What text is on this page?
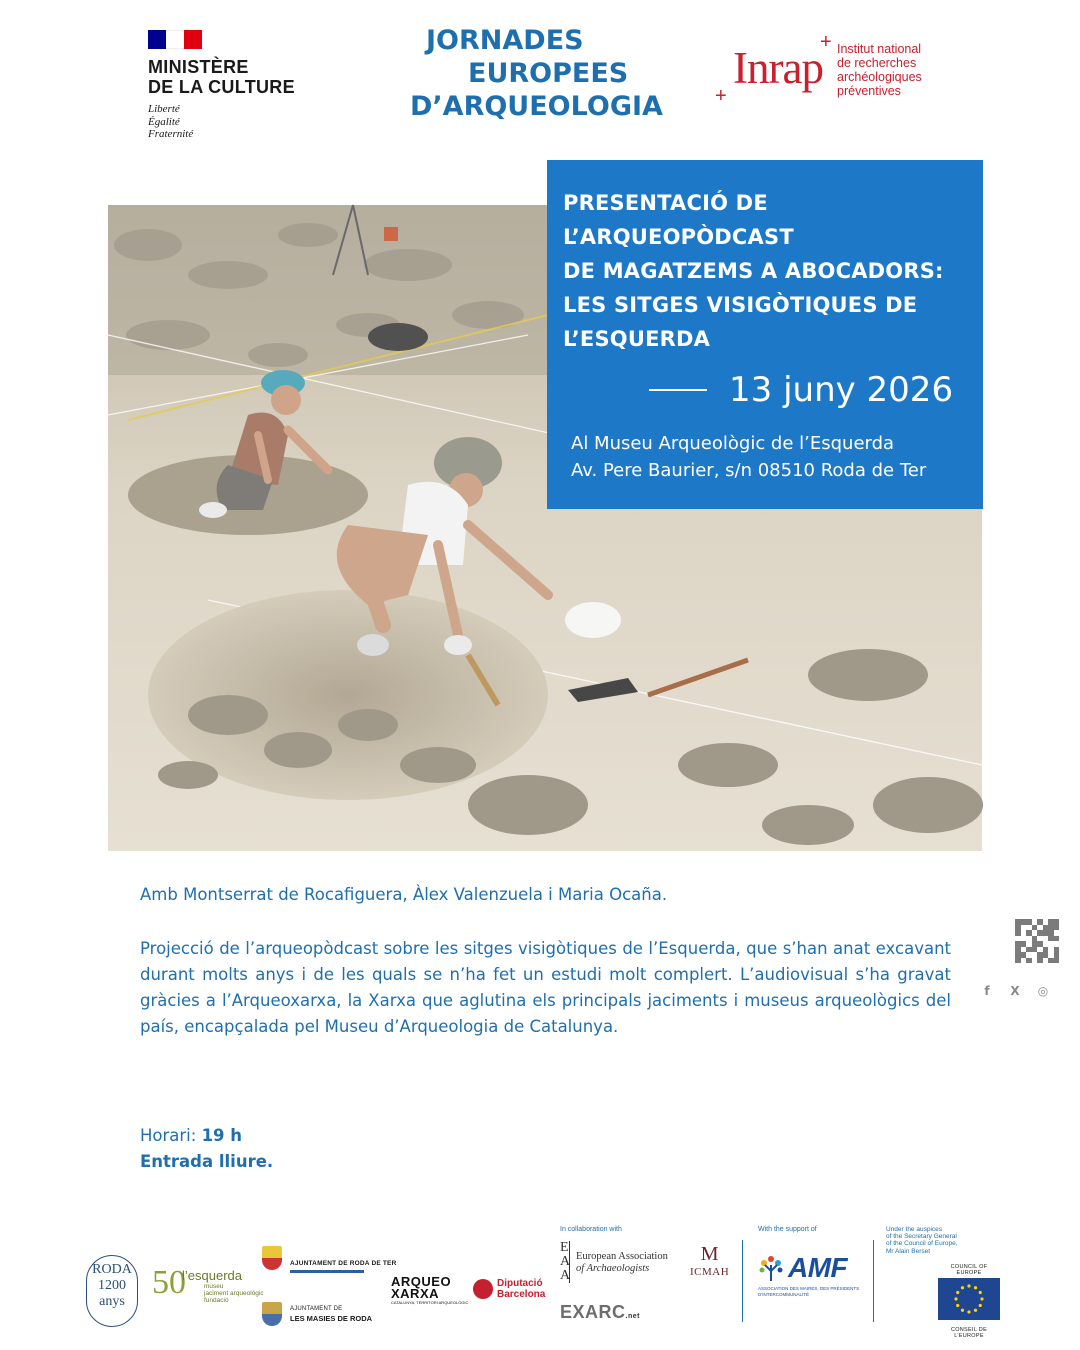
MINISTÈRE
DE LA CULTURE
Liberté
Égalité
Fraternité
JORNADES
EUROPEES
D’ARQUEOLOGIA
+
+
Inrap Institut national
de recherches
archéologiques
préventives
f	X	◎
#EADays
PRESENTACIÓ DE
L’ARQUEOPÒDCAST
DE MAGATZEMS A ABOCADORS:
LES SITGES VISIGÒTIQUES DE
L’ESQUERDA
13 juny 2026
Al Museu Arqueològic de l’Esquerda
Av. Pere Baurier, s/n 08510 Roda de Ter
Amb Montserrat de Rocafiguera, Àlex Valenzuela i Maria Ocaña.
Projecció de l’arqueopòdcast sobre les sitges visigòtiques de l’Esquerda, que s’han anat excavant durant molts anys i de les quals se n’ha fet un estudi molt complert. L’audiovisual s’ha gravat gràcies a l’Arqueoxarxa, la Xarxa que aglutina els principals jaciments i museus arqueològics del país, encapçalada pel Museu d’Arqueologia de Catalunya.
Horari: 19 h
Entrada lliure.
RODA
1200
anys
50
l’esquerda
museu
jaciment arqueològic
fundació
AJUNTAMENT DE RODA DE TER
AJUNTAMENT DE
LES MASIES DE RODA
ARQUEO
XARXA
CATALUNYA, TERRITORI ARQUEOLÒGIC
Diputació
Barcelona
In collaboration with
E
A
A
European Association
of Archaeologists
M
ICMAH
EXARC.net
With the support of
AMF
ASSOCIATION DES MAIRES, DES PRÉSIDENTS D’INTERCOMMUNALITÉ
Under the auspices
of the Secretary General
of the Council of Europe,
Mr Alain Berset
COUNCIL OF EUROPE
CONSEIL DE L’EUROPE
